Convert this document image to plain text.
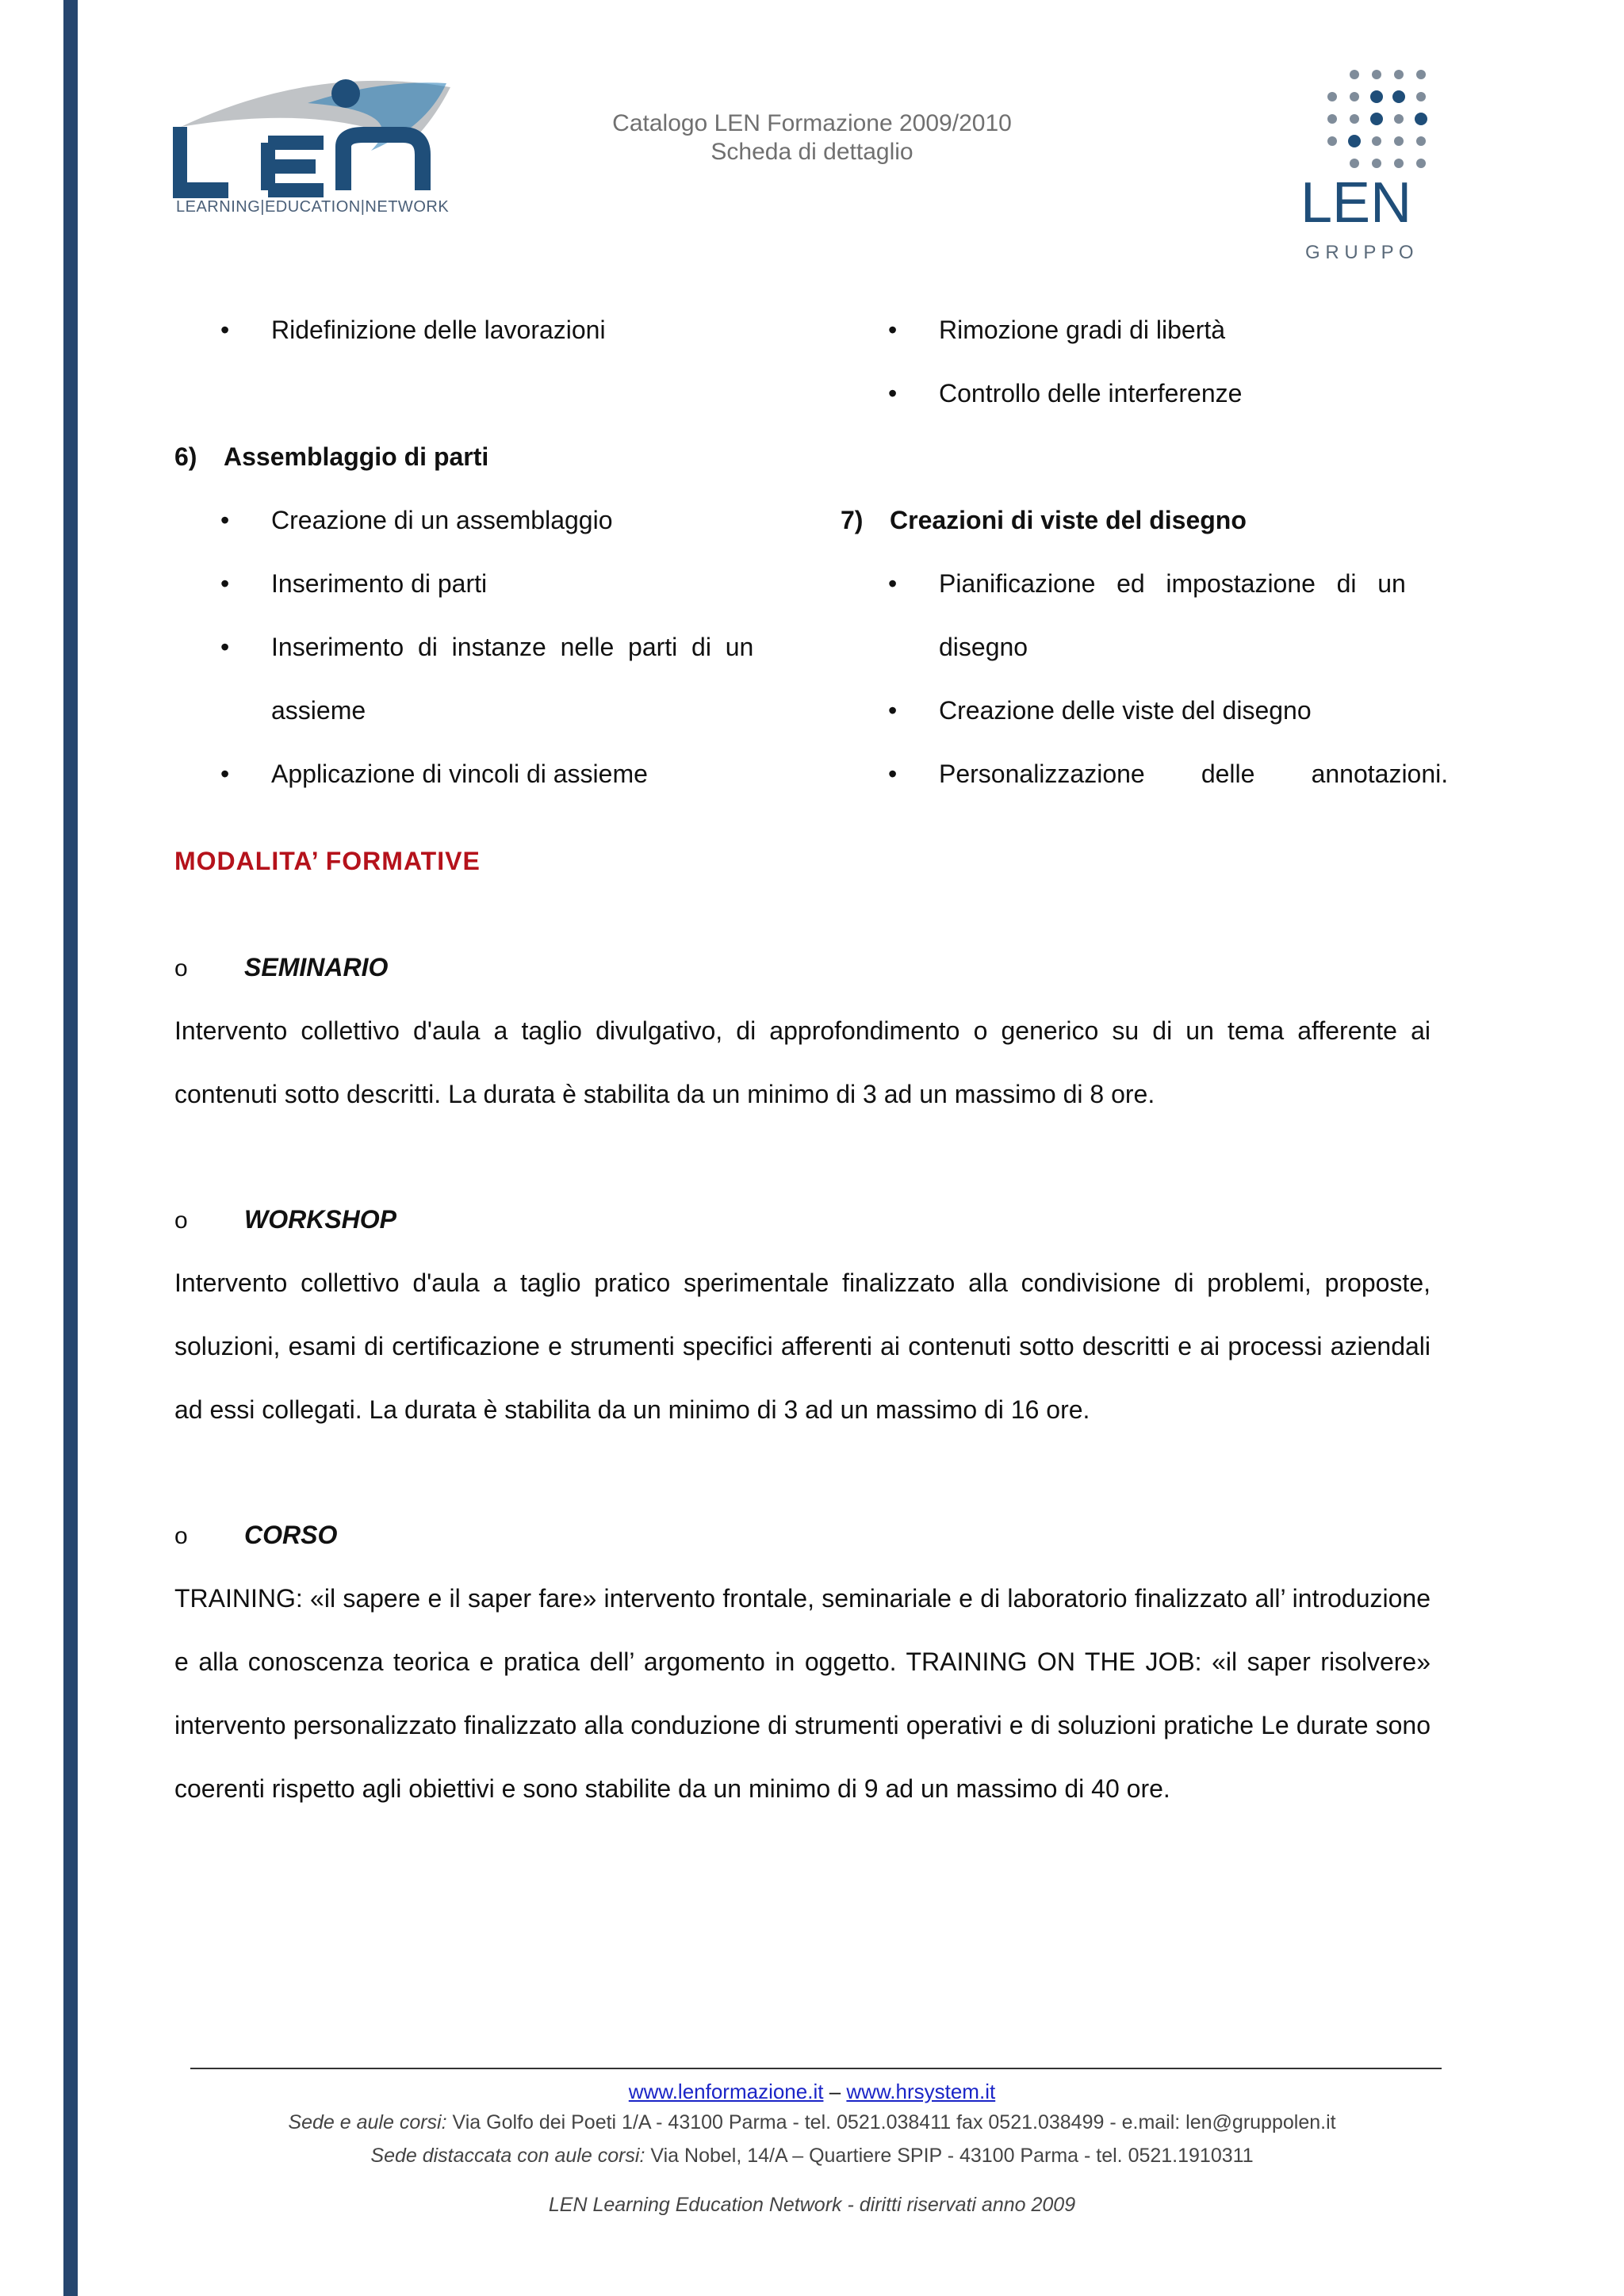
LEARNING|EDUCATION|NETWORK
Catalogo LEN Formazione 2009/2010
Scheda di dettaglio
LEN
G R U P P O
• Ridefinizione delle lavorazioni
6) Assemblaggio di parti
• Creazione di un assemblaggio
• Inserimento di parti
• Inserimento  di  instanze  nelle  parti  di  un
assieme
• Applicazione di vincoli di assieme
• Rimozione gradi di libertà
• Controllo delle interferenze
7) Creazioni di viste del disegno
• Pianificazione   ed   impostazione   di   un
disegno
• Creazione delle viste del disegno
• Personalizzazione        delle        annotazioni.
MODALITA’ FORMATIVE
o SEMINARIO
Intervento collettivo d'aula a taglio divulgativo, di approfondimento o generico su di un tema afferente ai contenuti sotto descritti. La durata è stabilita da un minimo di 3 ad un massimo di 8 ore.
o WORKSHOP
Intervento collettivo d'aula a taglio pratico sperimentale finalizzato alla condivisione di problemi, proposte, soluzioni, esami di certificazione e strumenti specifici afferenti ai contenuti sotto descritti e ai processi aziendali ad essi collegati. La durata è stabilita da un minimo di 3 ad un massimo di 16 ore.
o CORSO
TRAINING: «il sapere e il saper fare» intervento frontale, seminariale e di laboratorio finalizzato all’ introduzione e alla conoscenza teorica e pratica dell’ argomento in oggetto. TRAINING ON THE JOB: «il saper risolvere» intervento personalizzato finalizzato alla conduzione di strumenti operativi e di soluzioni pratiche Le durate sono coerenti rispetto agli obiettivi e sono stabilite da un minimo di 9 ad un massimo di 40 ore.
www.lenformazione.it – www.hrsystem.it
Sede e aule corsi: Via Golfo dei Poeti 1/A - 43100 Parma - tel. 0521.038411 fax 0521.038499 - e.mail: len@gruppolen.it
Sede distaccata con aule corsi: Via Nobel, 14/A – Quartiere SPIP - 43100 Parma - tel. 0521.1910311
LEN Learning Education Network - diritti riservati anno 2009
